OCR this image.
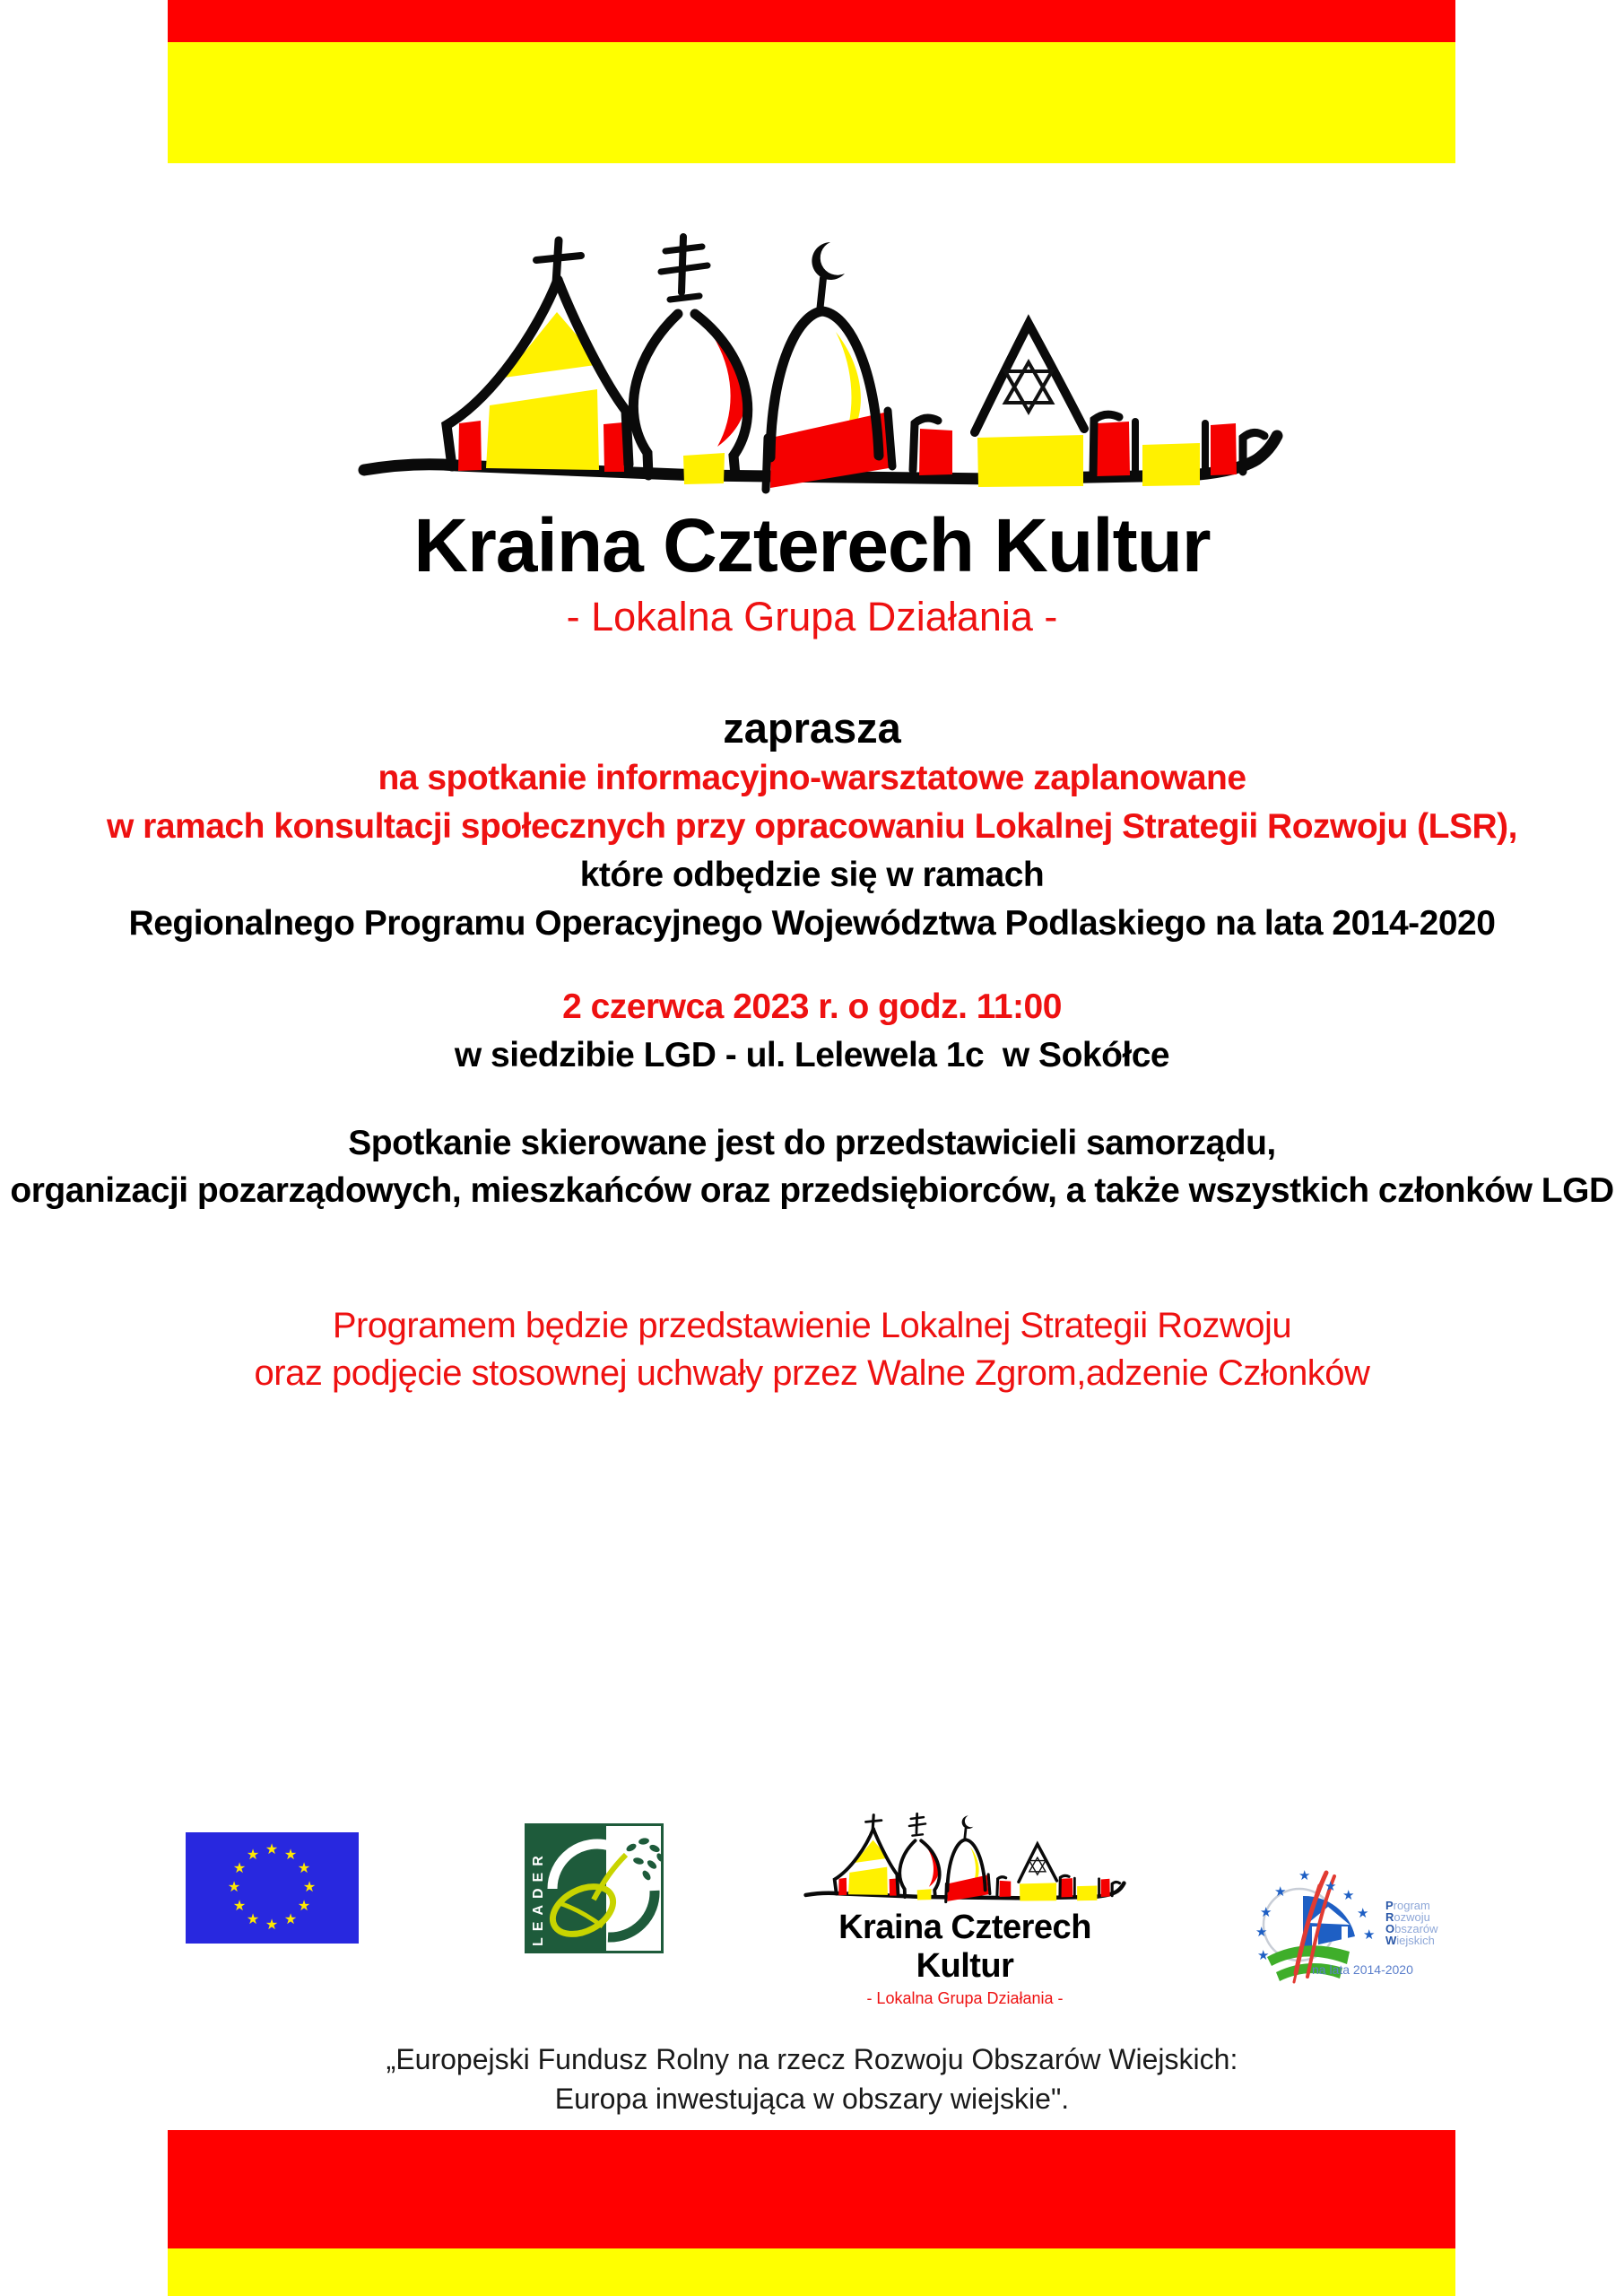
Kraina Czterech Kultur
- Lokalna Grupa Działania -
zaprasza
na spotkanie informacyjno-warsztatowe zaplanowane
w ramach konsultacji społecznych przy opracowaniu Lokalnej Strategii Rozwoju (LSR),
które odbędzie się w ramach
Regionalnego Programu Operacyjnego Województwa Podlaskiego na lata 2014-2020
2 czerwca 2023 r. o godz. 11:00
w siedzibie LGD - ul. Lelewela 1c  w Sokółce
Spotkanie skierowane jest do przedstawicieli samorządu,
organizacji pozarządowych, mieszkańców oraz przedsiębiorców, a także wszystkich członków LGD
Programem będzie przedstawienie Lokalnej Strategii Rozwoju
oraz podjęcie stosownej uchwały przez Walne Zgrom,adzenie Członków
★
★
★
★
★
★
★
★
★
★
★
★
LEADER	Kraina Czterech Kultur
- Lokalna Grupa Działania -
★
★
★
★
★
★
★
★
★
Program
Rozwoju
Obszarów
Wiejskich
na lata 2014-2020
„Europejski Fundusz Rolny na rzecz Rozwoju Obszarów Wiejskich:
Europa inwestująca w obszary wiejskie".
